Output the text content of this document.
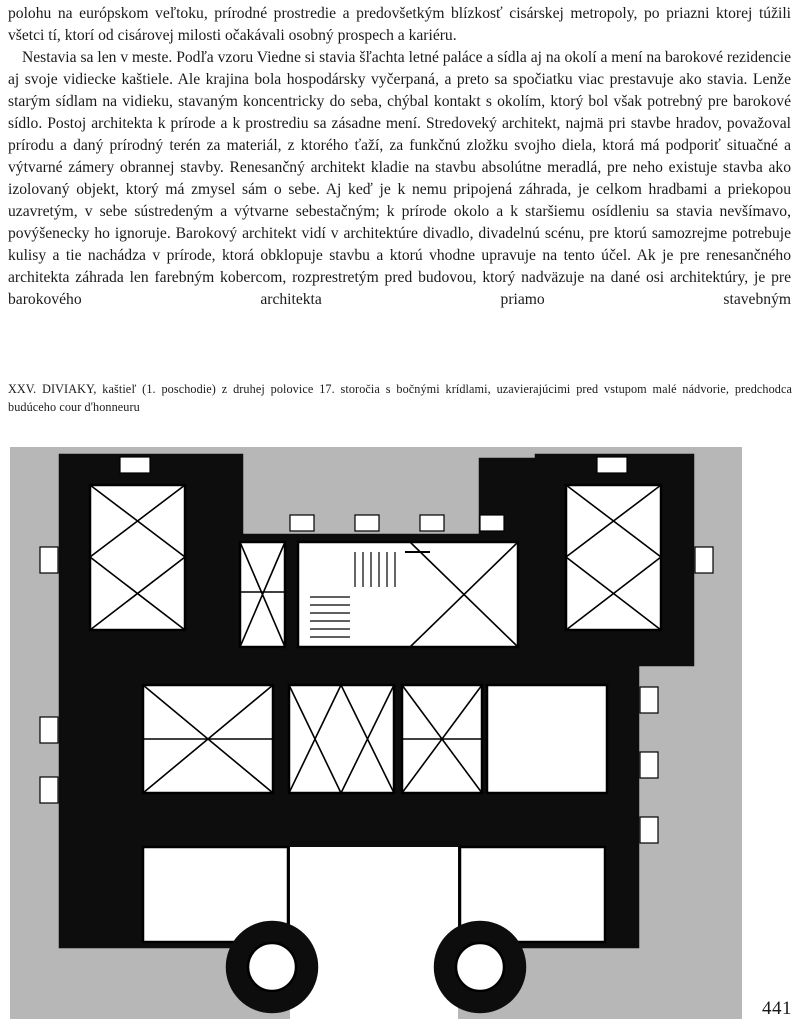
polohu na európskom veľtoku, prírodné prostredie a predovšetkým blízkosť cisárskej metropoly, po priazni ktorej túžili všetci tí, ktorí od cisárovej milosti očakávali osobný prospech a kariéru.

Nestavia sa len v meste. Podľa vzoru Viedne si stavia šľachta letné paláce a sídla aj na okolí a mení na barokové rezidencie aj svoje vidiecke kaštiele. Ale krajina bola hospodársky vyčerpaná, a preto sa spočiatku viac prestavuje ako stavia. Lenže starým sídlam na vidieku, stavaným koncentricky do seba, chýbal kontakt s okolím, ktorý bol však potrebný pre barokové sídlo. Postoj architekta k prírode a k prostrediu sa zásadne mení. Stredoveký architekt, najmä pri stavbe hradov, považoval prírodu a daný prírodný terén za materiál, z ktorého ťaží, za funkčnú zložku svojho diela, ktorá má podporiť situačné a výtvarné zámery obrannej stavby. Renesančný architekt kladie na stavbu absolútne meradlá, pre neho existuje stavba ako izolovaný objekt, ktorý má zmysel sám o sebe. Aj keď je k nemu pripojená záhrada, je celkom hradbami a priekopou uzavretým, v sebe sústredeným a výtvarne sebestačným; k prírode okolo a k staršiemu osídleniu sa stavia nevšímavo, povýšenecky ho ignoruje. Barokový architekt vidí v architektúre divadlo, divadelnú scénu, pre ktorú samozrejme potrebuje kulisy a tie nachádza v prírode, ktorá obklopuje stavbu a ktorú vhodne upravuje na tento účel. Ak je pre renesančného architekta záhrada len farebným kobercom, rozprestretým pred budovou, ktorý nadväzuje na dané osi architektúry, je pre barokového architekta priamo stavebným

XXV. DIVIAKY, kaštieľ (1. poschodie) z druhej polovice 17. storočia s bočnými krídlami, uzavierajúcimi pred vstupom malé nádvorie, predchodca budúceho cour d'honneuru
441
